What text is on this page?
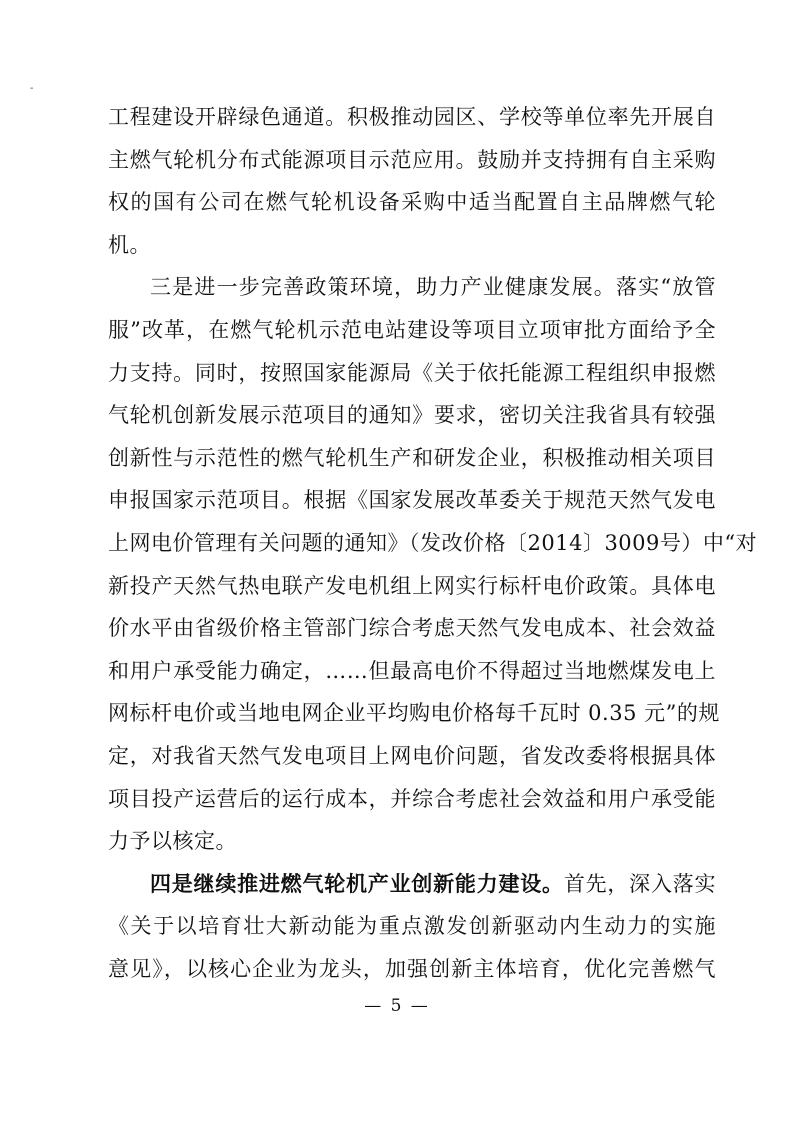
-
工程建设开辟绿色通道。积极推动园区、学校等单位率先开展自
主燃气轮机分布式能源项目示范应用。鼓励并支持拥有自主采购
权的国有公司在燃气轮机设备采购中适当配置自主品牌燃气轮
机。
三是进一步完善政策环境，助力产业健康发展。落实“放管
服”改革，在燃气轮机示范电站建设等项目立项审批方面给予全
力支持。同时，按照国家能源局《关于依托能源工程组织申报燃
气轮机创新发展示范项目的通知》要求，密切关注我省具有较强
创新性与示范性的燃气轮机生产和研发企业，积极推动相关项目
申报国家示范项目。根据《国家发展改革委关于规范天然气发电
上网电价管理有关问题的通知》（发改价格〔2014〕3009号）中“对
新投产天然气热电联产发电机组上网实行标杆电价政策。具体电
价水平由省级价格主管部门综合考虑天然气发电成本、社会效益
和用户承受能力确定，……但最高电价不得超过当地燃煤发电上
网标杆电价或当地电网企业平均购电价格每千瓦时 0.35 元”的规
定，对我省天然气发电项目上网电价问题，省发改委将根据具体
项目投产运营后的运行成本，并综合考虑社会效益和用户承受能
力予以核定。
四是继续推进燃气轮机产业创新能力建设。首先，深入落实
《关于以培育壮大新动能为重点激发创新驱动内生动力的实施
意见》，以核心企业为龙头，加强创新主体培育，优化完善燃气
— 5 —
